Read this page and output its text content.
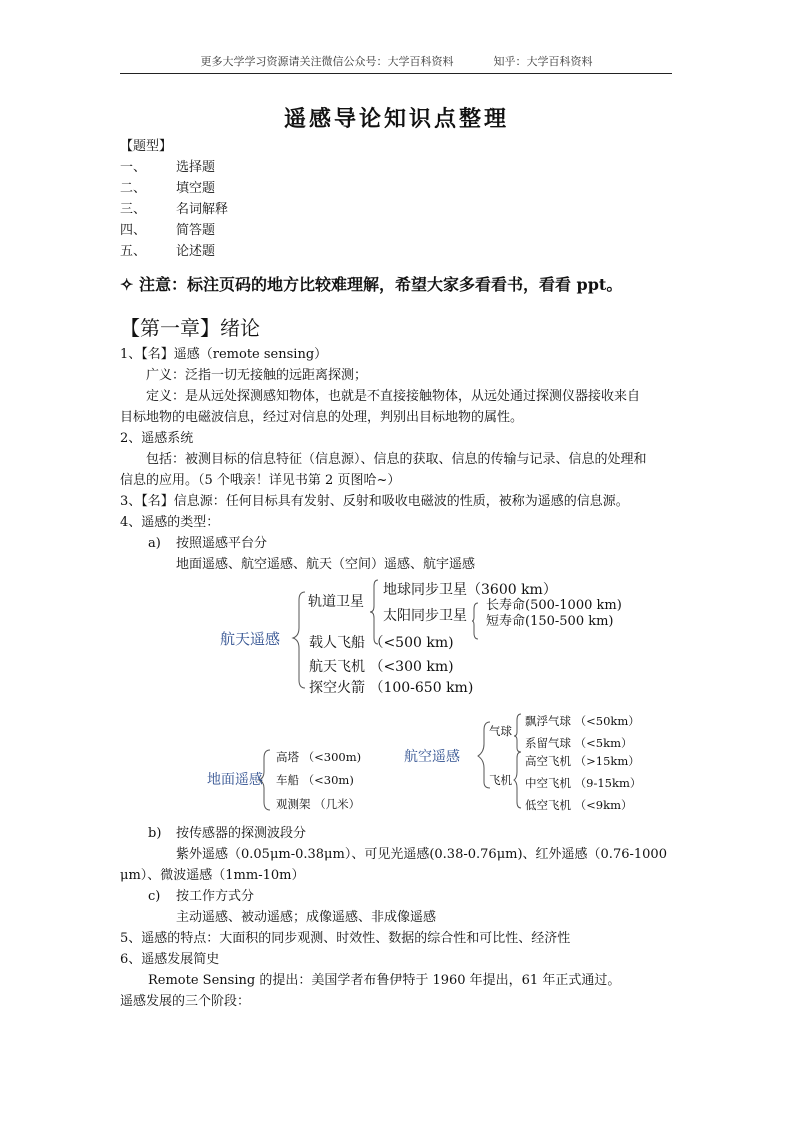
更多大学学习资源请关注微信公众号：大学百科资料	知乎：大学百科资料
遥感导论知识点整理
【题型】
一、 选择题
二、 填空题
三、 名词解释
四、 简答题
五、 论述题
✧ 注意：标注页码的地方比较难理解，希望大家多看看书，看看 ppt。
【第一章】绪论
1、【名】遥感（remote sensing）
广义：泛指一切无接触的远距离探测；
定义：是从远处探测感知物体，也就是不直接接触物体，从远处通过探测仪器接收来自
目标地物的电磁波信息，经过对信息的处理，判别出目标地物的属性。
2、遥感系统
包括：被测目标的信息特征（信息源）、信息的获取、信息的传输与记录、信息的处理和
信息的应用。（5 个哦亲！详见书第 2 页图哈~）
3、【名】信息源：任何目标具有发射、反射和吸收电磁波的性质，被称为遥感的信息源。
4、遥感的类型：
a) 按照遥感平台分
地面遥感、航空遥感、航天（空间）遥感、航宇遥感
航天遥感
轨道卫星
地球同步卫星（3600 km）
太阳同步卫星
长寿命(500-1000 km)
短寿命(150-500 km)
载人飞船 （<500 km)
航天飞机 （<300 km)
探空火箭 （100-650 km)
地面遥感
高塔 （<300m)
车船 （<30m)
观测架 （几米）
航空遥感
气球
飞机
飘浮气球 （<50km）
系留气球 （<5km）
高空飞机 （>15km）
中空飞机 （9-15km）
低空飞机 （<9km）
b) 按传感器的探测波段分
紫外遥感（0.05μm-0.38μm）、可见光遥感(0.38-0.76μm)、红外遥感（0.76-1000
μm）、微波遥感（1mm-10m）
c) 按工作方式分
主动遥感、被动遥感；成像遥感、非成像遥感
5、遥感的特点：大面积的同步观测、时效性、数据的综合性和可比性、经济性
6、遥感发展简史
Remote Sensing 的提出：美国学者布鲁伊特于 1960 年提出，61 年正式通过。
遥感发展的三个阶段：
